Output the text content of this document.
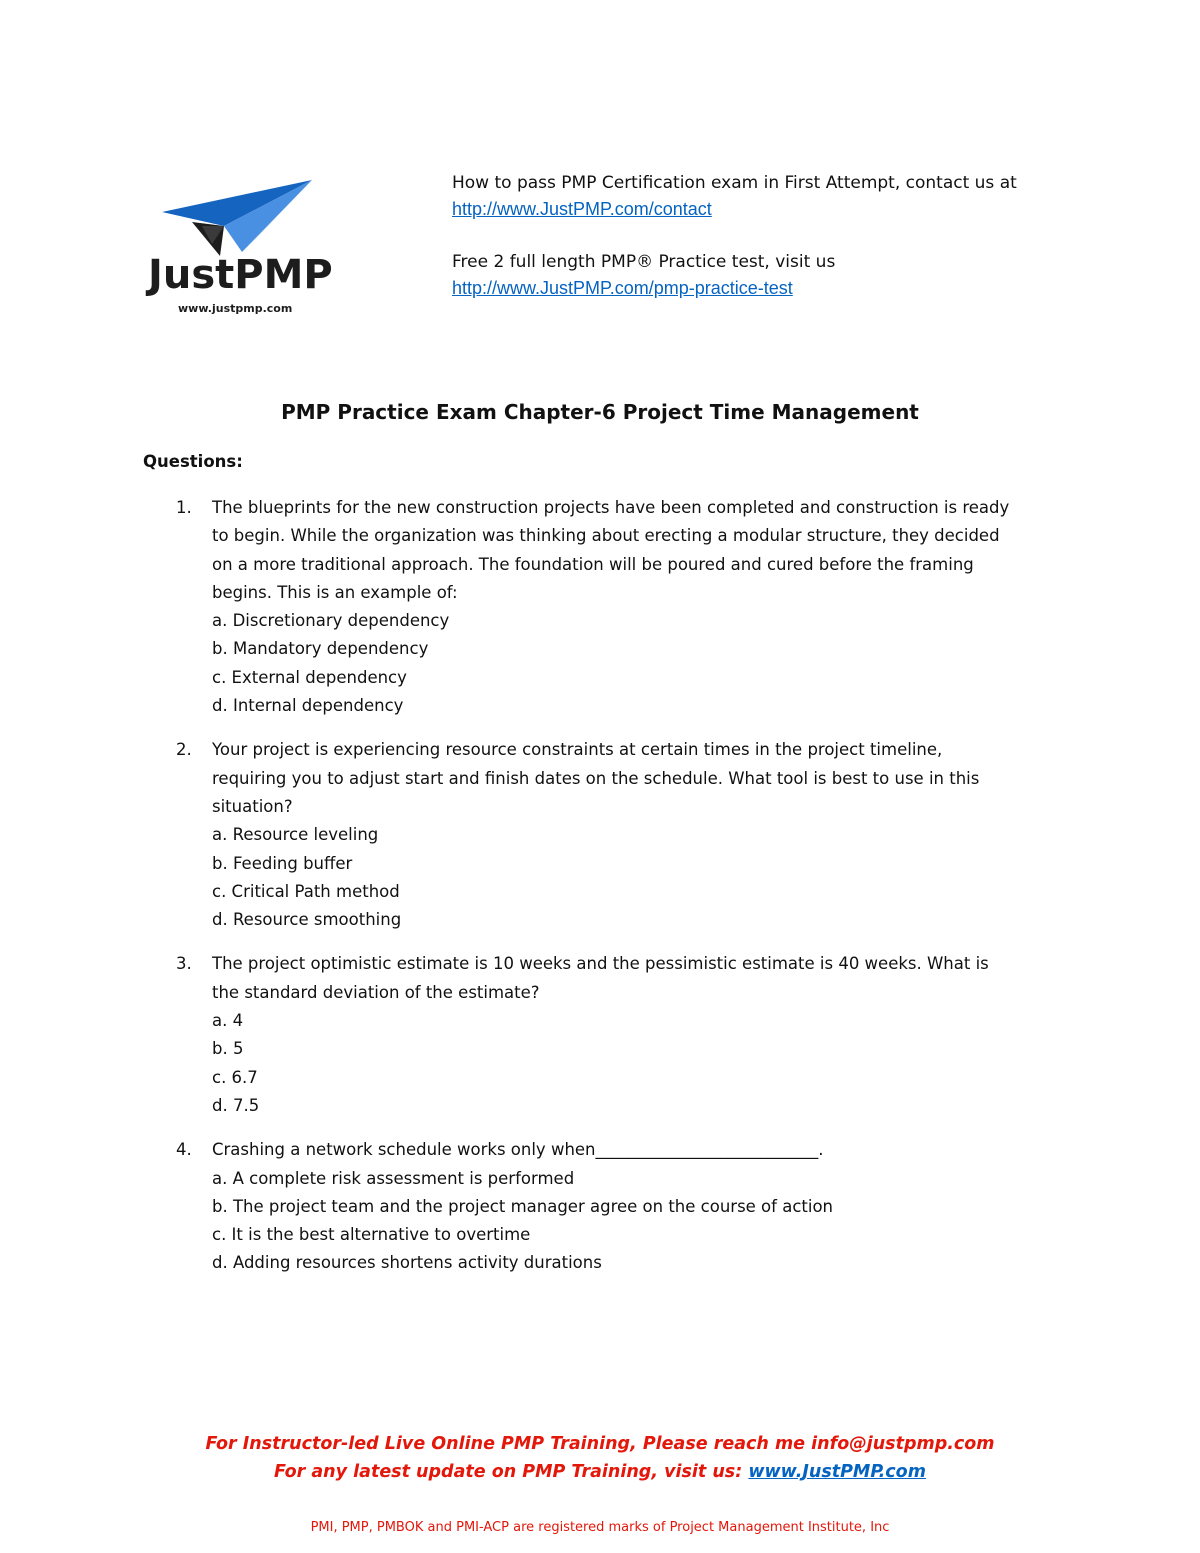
JustPMP
www.justpmp.com

How to pass PMP Certification exam in First Attempt, contact us at

http://www.JustPMP.com/contact

Free 2 full length PMP® Practice test, visit us

http://www.JustPMP.com/pmp-practice-test

PMP Practice Exam Chapter-6 Project Time Management
Questions:
1. The blueprints for the new construction projects have been completed and construction is ready

to begin. While the organization was thinking about erecting a modular structure, they decided

on a more traditional approach. The foundation will be poured and cured before the framing

begins. This is an example of:

a. Discretionary dependency

b. Mandatory dependency

c. External dependency

d. Internal dependency

2. Your project is experiencing resource constraints at certain times in the project timeline,

requiring you to adjust start and finish dates on the schedule. What tool is best to use in this

situation?

a. Resource leveling

b. Feeding buffer

c. Critical Path method

d. Resource smoothing

3. The project optimistic estimate is 10 weeks and the pessimistic estimate is 40 weeks. What is

the standard deviation of the estimate?

a. 4

b. 5

c. 6.7

d. 7.5

4. Crashing a network schedule works only when___________________________.

a. A complete risk assessment is performed

b. The project team and the project manager agree on the course of action

c. It is the best alternative to overtime

d. Adding resources shortens activity durations

For Instructor-led Live Online PMP Training, Please reach me info@justpmp.com
For any latest update on PMP Training, visit us: www.JustPMP.com
PMI, PMP, PMBOK and PMI-ACP are registered marks of Project Management Institute, Inc
